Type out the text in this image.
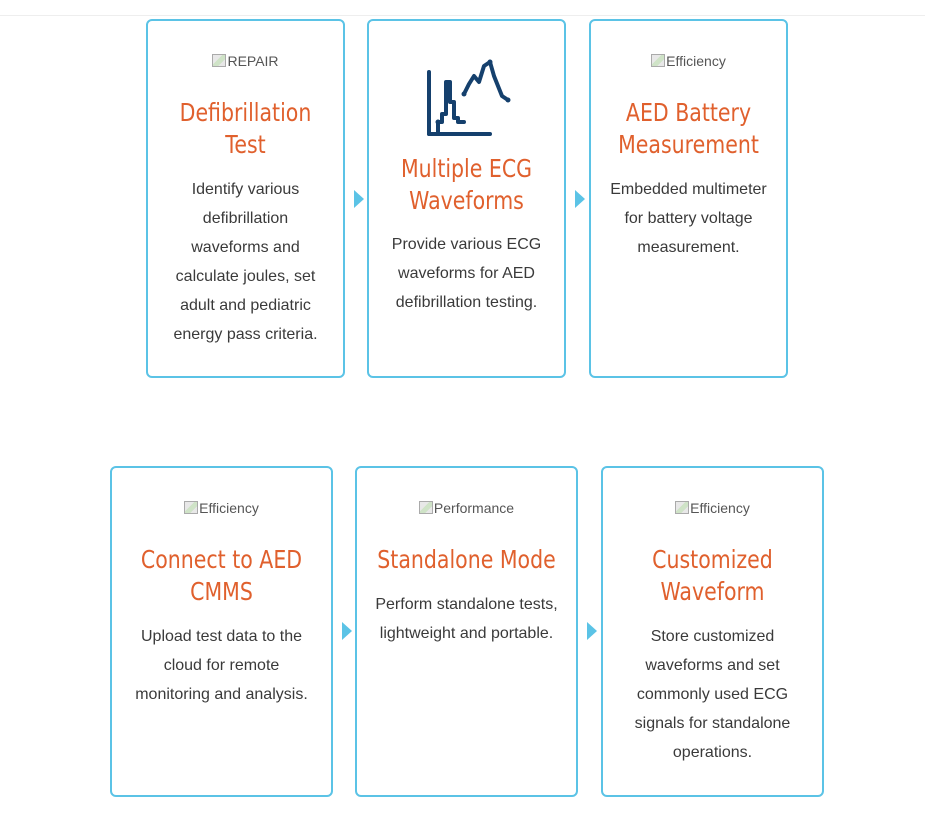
REPAIR
Defibrillation
Test
Identify various defibrillation waveforms and calculate joules, set adult and pediatric energy pass criteria.
Multiple ECG
Waveforms
Provide various ECG waveforms for AED defibrillation testing.
Efficiency
AED Battery
Measurement
Embedded multimeter for battery voltage measurement.
Efficiency
Connect to AED
CMMS
Upload test data to the cloud for remote monitoring and analysis.
Performance
Standalone Mode
Perform standalone tests, lightweight and portable.
Efficiency
Customized
Waveform
Store customized waveforms and set commonly used ECG signals for standalone operations.
